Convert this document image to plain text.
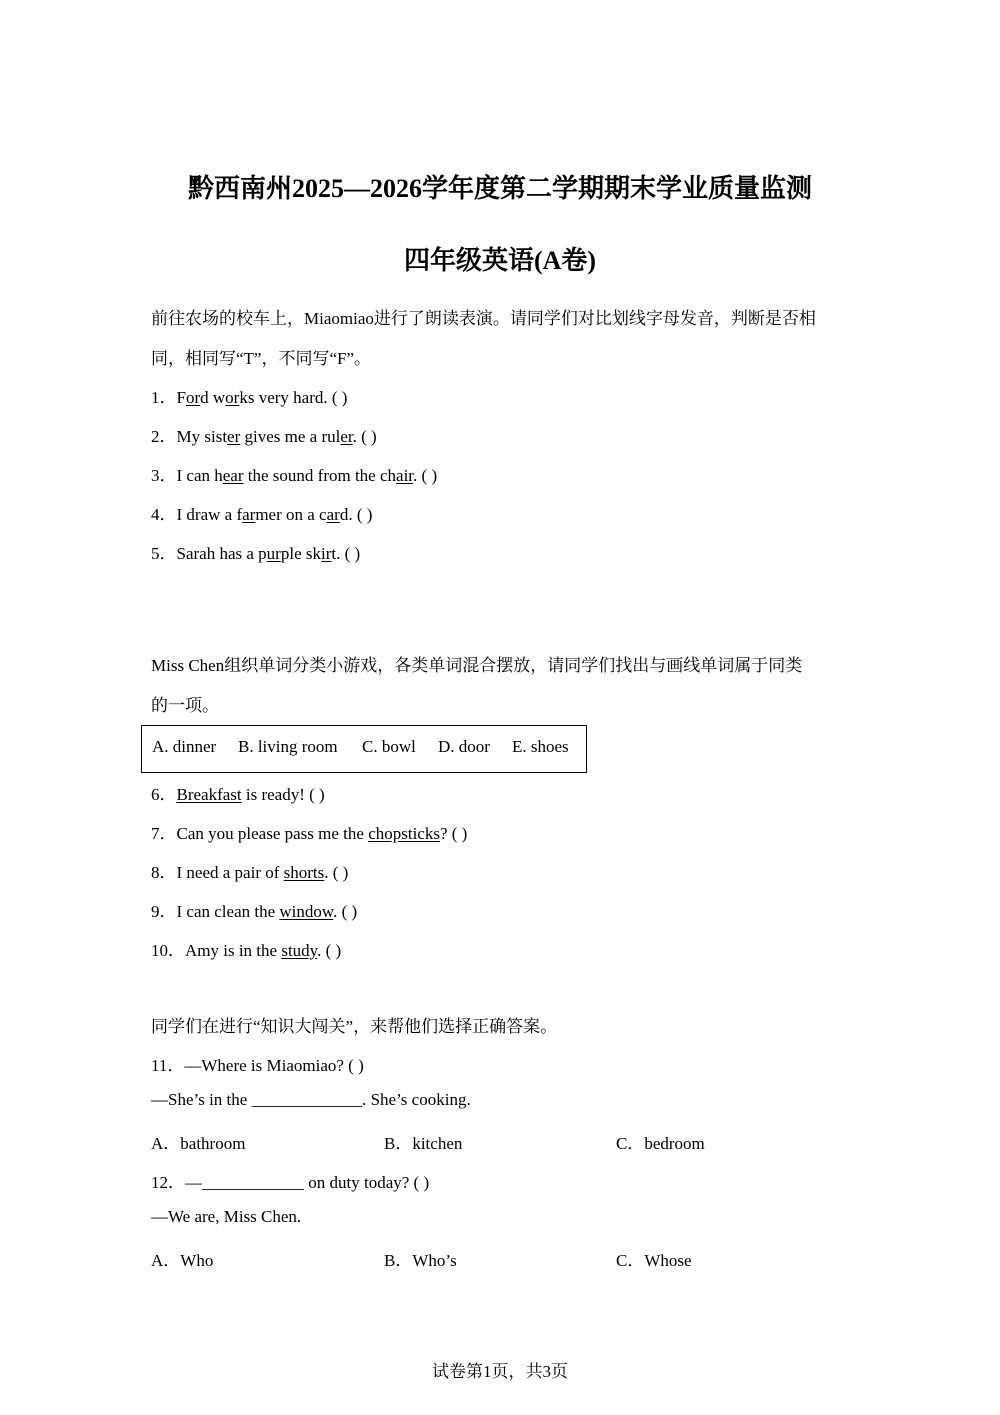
黔西南州2025—2026学年度第二学期期末学业质量监测
四年级英语(A卷)
前往农场的校车上，Miaomiao进行了朗读表演。请同学们对比划线字母发音，判断是否相
同，相同写“T”，不同写“F”。
1．Ford works very hard. ( )
2．My sister gives me a ruler. ( )
3．I can hear the sound from the chair. ( )
4．I draw a farmer on a card. ( )
5．Sarah has a purple skirt. ( )
Miss Chen组织单词分类小游戏，各类单词混合摆放，请同学们找出与画线单词属于同类
的一项。
A. dinner B. living room C. bowl D. door E. shoes
6．Breakfast is ready! ( )
7．Can you please pass me the chopsticks? ( )
8．I need a pair of shorts. ( )
9．I can clean the window. ( )
10．Amy is in the study. ( )
同学们在进行“知识大闯关”，来帮他们选择正确答案。
11．—Where is Miaomiao? ( )
—She’s in the _____________. She’s cooking.
A．bathroom	B．kitchen	C．bedroom
12．—____________ on duty today? ( )
—We are, Miss Chen.
A．Who	B．Who’s	C．Whose
试卷第1页，共3页
